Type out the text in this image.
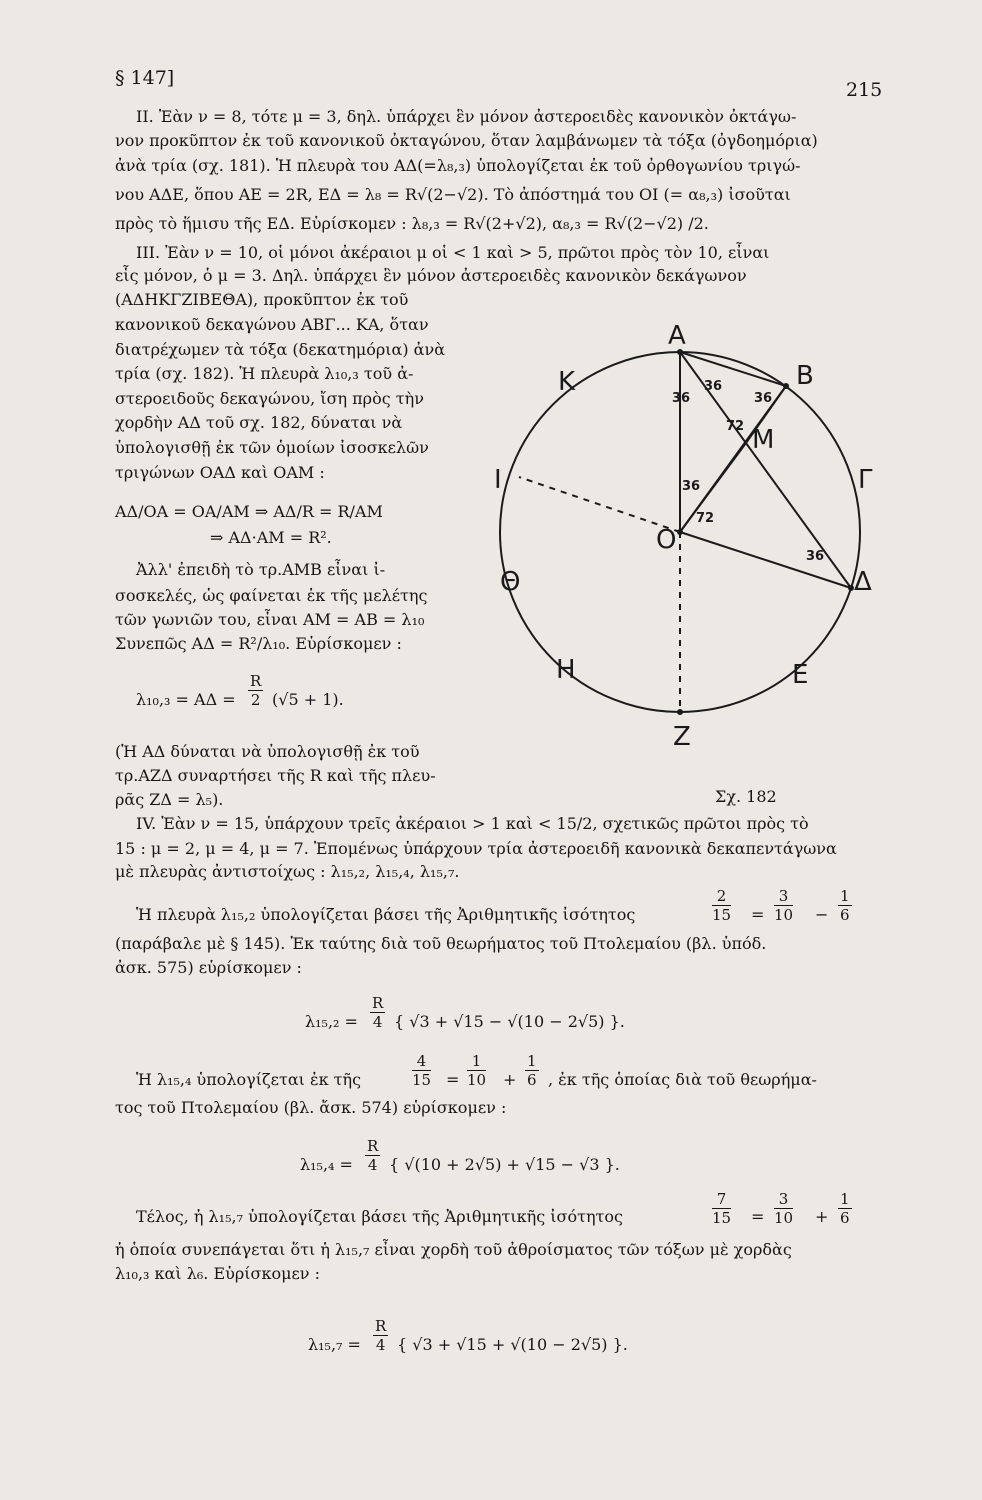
§ 147]
215
II. Ἐὰν ν = 8, τότε μ = 3, δηλ. ὑπάρχει ἓν μόνον ἀστεροειδὲς κανονικὸν ὀκτάγω-
νον προκῦπτον ἐκ τοῦ κανονικοῦ ὀκταγώνου, ὅταν λαμβάνωμεν τὰ τόξα (ὀγδοημόρια)
ἀνὰ τρία (σχ. 181). Ἡ πλευρὰ του ΑΔ(=λ₈,₃) ὑπολογίζεται ἐκ τοῦ ὀρθογωνίου τριγώ-
νου ΑΔΕ, ὅπου ΑΕ = 2R, ΕΔ = λ₈ = R√(2−√2). Τὸ ἀπόστημά του ΟΙ (= α₈,₃) ἰσοῦται
πρὸς τὸ ἥμισυ τῆς ΕΔ. Εὑρίσκομεν : λ₈,₃ = R√(2+√2), α₈,₃ = R√(2−√2) /2.
III. Ἐὰν ν = 10, οἱ μόνοι ἀκέραιοι μ οἱ < 1 καὶ > 5, πρῶτοι πρὸς τὸν 10, εἶναι
εἷς μόνον, ὁ μ = 3. Δηλ. ὑπάρχει ἓν μόνον ἀστεροειδὲς κανονικὸν δεκάγωνον
(ΑΔΗΚΓΖΙΒΕΘΑ), προκῦπτον ἐκ τοῦ
κανονικοῦ δεκαγώνου ΑΒΓ... ΚΑ, ὅταν
διατρέχωμεν τὰ τόξα (δεκατημόρια) ἀνὰ
τρία (σχ. 182). Ἡ πλευρὰ λ₁₀,₃ τοῦ ἀ-
στεροειδοῦς δεκαγώνου, ἴση πρὸς τὴν
χορδὴν ΑΔ τοῦ σχ. 182, δύναται νὰ
ὑπολογισθῇ ἐκ τῶν ὁμοίων ἰσοσκελῶν
τριγώνων ΟΑΔ καὶ ΟΑΜ :
ΑΔ/ΟΑ = ΟΑ/ΑΜ ⇒ ΑΔ/R = R/ΑΜ
⇒ ΑΔ·ΑΜ = R².
Ἀλλ' ἐπειδὴ τὸ τρ.ΑΜΒ εἶναι ἰ-
σοσκελές, ὡς φαίνεται ἐκ τῆς μελέτης
τῶν γωνιῶν του, εἶναι ΑΜ = ΑΒ = λ₁₀
Συνεπῶς ΑΔ = R²/λ₁₀. Εὑρίσκομεν :
$\lambda_{10},_3 = A\Delta = \frac{R}{2} (√5 + 1)$.
(Ἡ ΑΔ δύναται νὰ ὑπολογισθῇ ἐκ τοῦ
τρ.ΑΖΔ συναρτήσει τῆς R καὶ τῆς πλευ-
ρᾶς ΖΔ = λ₅).
IV. Ἐὰν ν = 15, ὑπάρχουν τρεῖς ἀκέραιοι > 1 καὶ < 15/2, σχετικῶς πρῶτοι πρὸς τὸ
15 : μ = 2, μ = 4, μ = 7. Ἐπομένως ὑπάρχουν τρία ἀστεροειδῆ κανονικὰ δεκαπεντάγωνα
μὲ πλευρὰς ἀντιστοίχως : λ₁₅,₂, λ₁₅,₄, λ₁₅,₇.
Ἡ πλευρὰ λ₁₅,₂ ὑπολογίζεται βάσει τῆς Ἀριθμητικῆς ἰσότητος	$\frac{2}{15} = \frac{3}{10} - \frac{1}{6}$
(παράβαλε μὲ § 145). Ἐκ ταύτης διὰ τοῦ θεωρήματος τοῦ Πτολεμαίου (βλ. ὑπόδ.
ἀσκ. 575) εὑρίσκομεν :
$\lambda_{15},_2 = \frac{R}{4}$ { √3 + √15 − √(10 − 2√5) }.
Ἡ λ₁₅,₄ ὑπολογίζεται ἐκ τῆς	$\frac{4}{15} = \frac{1}{10} + \frac{1}{6}$ , ἐκ τῆς ὁποίας διὰ τοῦ θεωρήμα-
τος τοῦ Πτολεμαίου (βλ. ἄσκ. 574) εὑρίσκομεν :
$\lambda_{15},_4 = \frac{R}{4}$ { √(10 + 2√5) + √15 − √3 }.
Τέλος, ἡ λ₁₅,₇ ὑπολογίζεται βάσει τῆς Ἀριθμητικῆς ἰσότητος	$\frac{7}{15} = \frac{3}{10} + \frac{1}{6}$
ἡ ὁποία συνεπάγεται ὅτι ἡ λ₁₅,₇ εἶναι χορδὴ τοῦ ἀθροίσματος τῶν τόξων μὲ χορδὰς
λ₁₀,₃ καὶ λ₆. Εὑρίσκομεν :
$\lambda_{15},_7 = \frac{R}{4}$ { √3 + √15 + √(10 − 2√5) }.
Α
Β
Γ
Δ
Ε
Ζ
Η
Θ
Ι
Κ
Μ
Ο
36
36	36
72
36
72
36
Σχ. 182
